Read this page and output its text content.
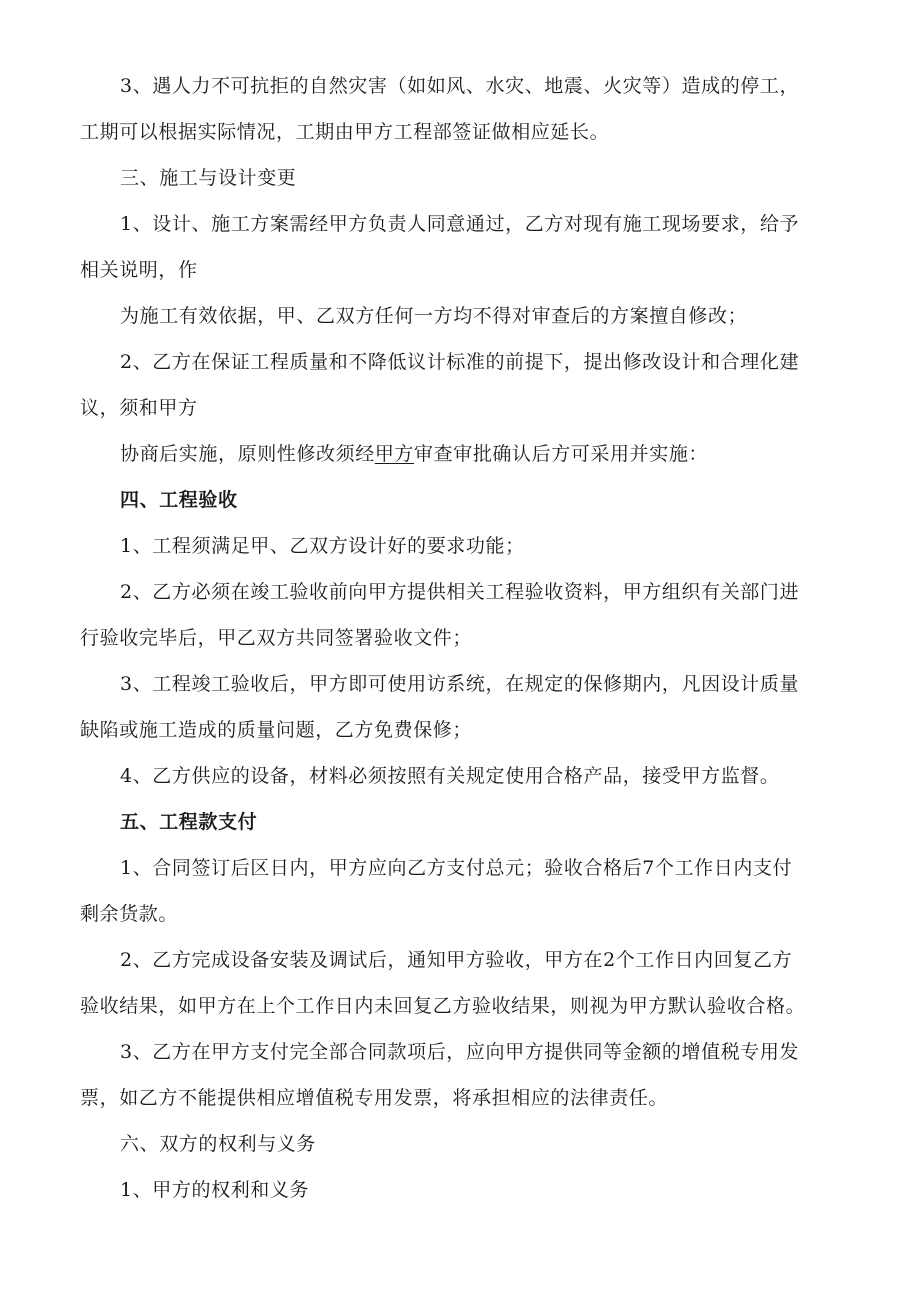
3、遇人力不可抗拒的自然灾害（如如风、水灾、地震、火灾等）造成的停工，
工期可以根据实际情况，工期由甲方工程部签证做相应延长。
三、施工与设计变更
1、设计、施工方案需经甲方负责人同意通过，乙方对现有施工现场要求，给予
相关说明，作
为施工有效依据，甲、乙双方任何一方均不得对审查后的方案擅自修改；
2、乙方在保证工程质量和不降低议计标准的前提下，提出修改设计和合理化建
议，须和甲方
协商后实施，原则性修改须经甲方审查审批确认后方可采用并实施：
四、工程验收
1、工程须满足甲、乙双方设计好的要求功能；
2、乙方必须在竣工验收前向甲方提供相关工程验收资料，甲方组织有关部门进
行验收完毕后，甲乙双方共同签署验收文件；
3、工程竣工验收后，甲方即可使用访系统，在规定的保修期内，凡因设计质量
缺陷或施工造成的质量问题，乙方免费保修；
4、乙方供应的设备，材料必须按照有关规定使用合格产品，接受甲方监督。
五、工程款支付
1、合同签订后区日内，甲方应向乙方支付总元；验收合格后7个工作日内支付
剩余货款。
2、乙方完成设备安装及调试后，通知甲方验收，甲方在2个工作日内回复乙方
验收结果，如甲方在上个工作日内未回复乙方验收结果，则视为甲方默认验收合格。
3、乙方在甲方支付完全部合同款项后，应向甲方提供同等金额的增值税专用发
票，如乙方不能提供相应增值税专用发票，将承担相应的法律责任。
六、双方的权利与义务
1、甲方的权利和义务
